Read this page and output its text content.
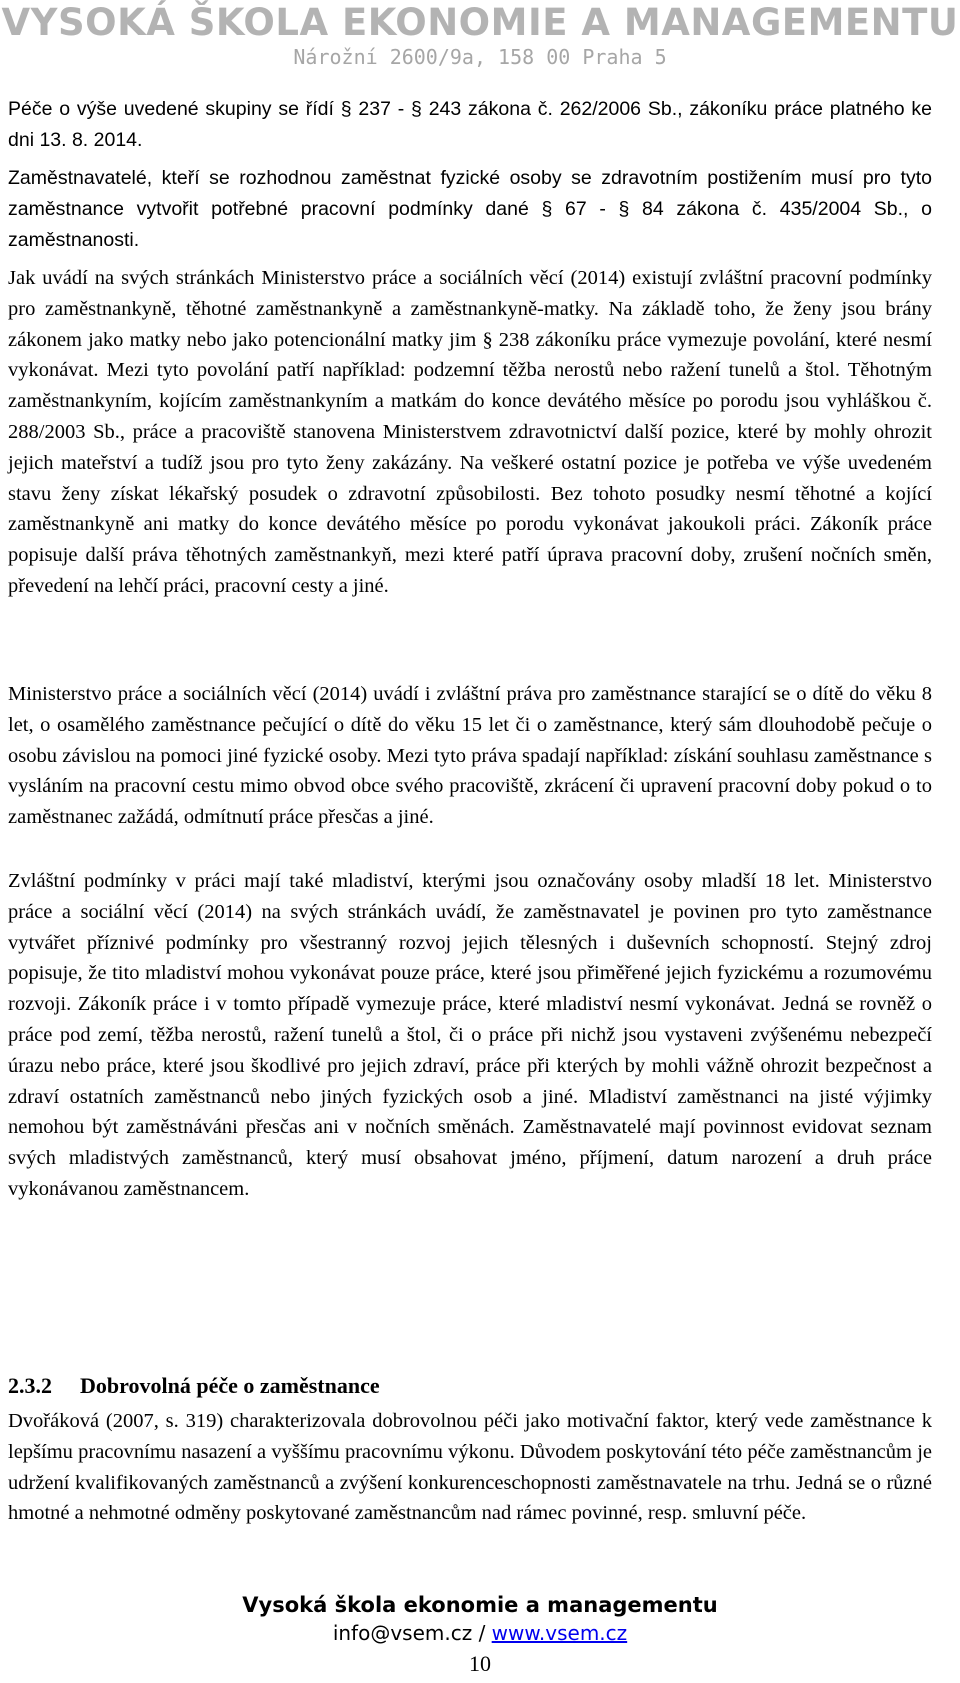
VYSOKÁ ŠKOLA EKONOMIE A MANAGEMENTU
Nárožní 2600/9a, 158 00 Praha 5

Péče o výše uvedené skupiny se řídí § 237 - § 243 zákona č. 262/2006 Sb., zákoníku práce platného ke dni 13. 8. 2014.

Zaměstnavatelé, kteří se rozhodnou zaměstnat fyzické osoby se zdravotním postižením musí pro tyto zaměstnance vytvořit potřebné pracovní podmínky dané § 67 - § 84 zákona č. 435/2004 Sb., o zaměstnanosti.

Jak uvádí na svých stránkách Ministerstvo práce a sociálních věcí (2014) existují zvláštní pracovní podmínky pro zaměstnankyně, těhotné zaměstnankyně a zaměstnankyně-matky. Na základě toho, že ženy jsou brány zákonem jako matky nebo jako potencionální matky jim § 238 zákoníku práce vymezuje povolání, které nesmí vykonávat. Mezi tyto povolání patří například: podzemní těžba nerostů nebo ražení tunelů a štol. Těhotným zaměstnankyním, kojícím zaměstnankyním a matkám do konce devátého měsíce po porodu jsou vyhláškou č. 288/2003 Sb., práce a pracoviště stanovena Ministerstvem zdravotnictví další pozice, které by mohly ohrozit jejich mateřství a tudíž jsou pro tyto ženy zakázány. Na veškeré ostatní pozice je potřeba ve výše uvedeném stavu ženy získat lékařský posudek o zdravotní způsobilosti. Bez tohoto posudky nesmí těhotné a kojící zaměstnankyně ani matky do konce devátého měsíce po porodu vykonávat jakoukoli práci. Zákoník práce popisuje další práva těhotných zaměstnankyň, mezi které patří úprava pracovní doby, zrušení nočních směn, převedení na lehčí práci, pracovní cesty a jiné.

Ministerstvo práce a sociálních věcí (2014) uvádí i zvláštní práva pro zaměstnance starající se o dítě do věku 8 let, o osamělého zaměstnance pečující o dítě do věku 15 let či o zaměstnance, který sám dlouhodobě pečuje o osobu závislou na pomoci jiné fyzické osoby. Mezi tyto práva spadají například: získání souhlasu zaměstnance s vysláním na pracovní cestu mimo obvod obce svého pracoviště, zkrácení či upravení pracovní doby pokud o to zaměstnanec zažádá, odmítnutí práce přesčas a jiné.

Zvláštní podmínky v práci mají také mladiství, kterými jsou označovány osoby mladší 18 let. Ministerstvo práce a sociální věcí (2014) na svých stránkách uvádí, že zaměstnavatel je povinen pro tyto zaměstnance vytvářet příznivé podmínky pro všestranný rozvoj jejich tělesných i duševních schopností. Stejný zdroj popisuje, že tito mladiství mohou vykonávat pouze práce, které jsou přiměřené jejich fyzickému a rozumovému rozvoji. Zákoník práce i v tomto případě vymezuje práce, které mladiství nesmí vykonávat. Jedná se rovněž o práce pod zemí, těžba nerostů, ražení tunelů a štol, či o práce při nichž jsou vystaveni zvýšenému nebezpečí úrazu nebo práce, které jsou škodlivé pro jejich zdraví, práce při kterých by mohli vážně ohrozit bezpečnost a zdraví ostatních zaměstnanců nebo jiných fyzických osob a jiné. Mladiství zaměstnanci na jisté výjimky nemohou být zaměstnáváni přesčas ani v nočních směnách. Zaměstnavatelé mají povinnost evidovat seznam svých mladistvých zaměstnanců, který musí obsahovat jméno, příjmení, datum narození a druh práce vykonávanou zaměstnancem.

2.3.2 Dobrovolná péče o zaměstnance

Dvořáková (2007, s. 319) charakterizovala dobrovolnou péči jako motivační faktor, který vede zaměstnance k lepšímu pracovnímu nasazení a vyššímu pracovnímu výkonu. Důvodem poskytování této péče zaměstnancům je udržení kvalifikovaných zaměstnanců a zvýšení konkurenceschopnosti zaměstnavatele na trhu. Jedná se o různé hmotné a nehmotné odměny poskytované zaměstnancům nad rámec povinné, resp. smluvní péče.

Vysoká škola ekonomie a managementu
info@vsem.cz / www.vsem.cz
10
